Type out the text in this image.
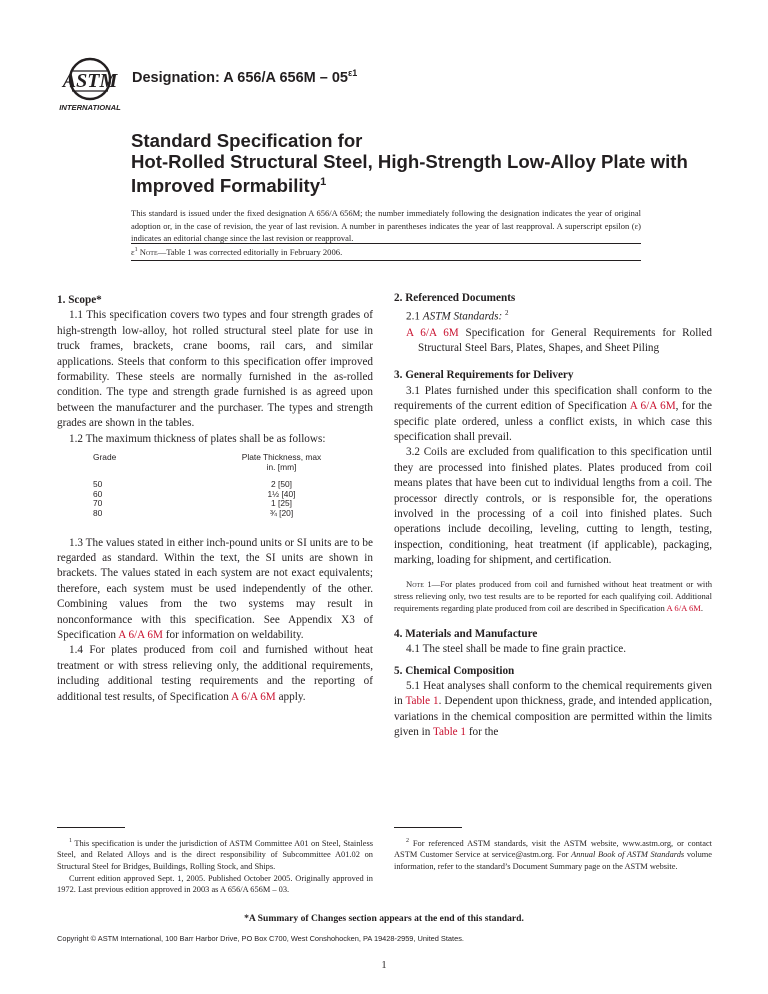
ASTM
INTERNATIONAL
Designation: A 656/A $656M - 05^{\varepsilon 1}$
Standard Specification for
Hot-Rolled Structural Steel, High-Strength Low-Alloy Plate with Improved Formability$^1$

This standard is issued under the fixed designation A 656/A 656M; the number immediately following the designation indicates the year of original adoption or, in the case of revision, the year of last revision. A number in parentheses indicates the year of last reapproval. A superscript epsilon (ε) indicates an editorial change since the last revision or reapproval.

$\varepsilon^1$ Note—Table 1 was corrected editorially in February 2006.
1. Scope*

1.1 This specification covers two types and four strength grades of high-strength low-alloy, hot rolled structural steel plate for use in truck frames, brackets, crane booms, rail cars, and similar applications. Steels that conform to this specification offer improved formability. These steels are normally furnished in the as-rolled condition. The type and strength grade furnished is as agreed upon between the manufacturer and the purchaser. The types and strength grades are shown in the tables.

1.2 The maximum thickness of plates shall be as follows:

Grade	Plate Thickness, max
in. [mm]

50	2 [50]
60	1½ [40]
70	1 [25]
80	¾ [20]

1.3 The values stated in either inch-pound units or SI units are to be regarded as standard. Within the text, the SI units are shown in brackets. The values stated in each system are not exact equivalents; therefore, each system must be used independently of the other. Combining values from the two systems may result in nonconformance with this specification. See Appendix X3 of Specification A 6/A 6M for information on weldability.

1.4 For plates produced from coil and furnished without heat treatment or with stress relieving only, the additional requirements, including additional testing requirements and the reporting of additional test results, of Specification A 6/A 6M apply.

2. Referenced Documents

2.1 ASTM Standards: $^2$

A 6/A 6M Specification for General Requirements for Rolled Structural Steel Bars, Plates, Shapes, and Sheet Piling

3. General Requirements for Delivery

3.1 Plates furnished under this specification shall conform to the requirements of the current edition of Specification A 6/A 6M, for the specific plate ordered, unless a conflict exists, in which case this specification shall prevail.

3.2 Coils are excluded from qualification to this specification until they are processed into finished plates. Plates produced from coil means plates that have been cut to individual lengths from a coil. The processor directly controls, or is responsible for, the operations involved in the processing of a coil into finished plates. Such operations include decoiling, leveling, cutting to length, testing, inspection, conditioning, heat treatment (if applicable), packaging, marking, loading for shipment, and certification.

Note 1—For plates produced from coil and furnished without heat treatment or with stress relieving only, two test results are to be reported for each qualifying coil. Additional requirements regarding plate produced from coil are described in Specification A 6/A 6M.

4. Materials and Manufacture

4.1 The steel shall be made to fine grain practice.

5. Chemical Composition

5.1 Heat analyses shall conform to the chemical requirements given in Table 1. Dependent upon thickness, grade, and intended application, variations in the chemical composition are permitted within the limits given in Table 1 for the

$^1$ This specification is under the jurisdiction of ASTM Committee A01 on Steel, Stainless Steel, and Related Alloys and is the direct responsibility of Subcommittee A01.02 on Structural Steel for Bridges, Buildings, Rolling Stock, and Ships.

Current edition approved Sept. 1, 2005. Published October 2005. Originally approved in 1972. Last previous edition approved in 2003 as A 656/A 656M – 03.

$^2$ For referenced ASTM standards, visit the ASTM website, www.astm.org, or contact ASTM Customer Service at service@astm.org. For Annual Book of ASTM Standards volume information, refer to the standard’s Document Summary page on the ASTM website.

*A Summary of Changes section appears at the end of this standard.
Copyright © ASTM International, 100 Barr Harbor Drive, PO Box C700, West Conshohocken, PA 19428-2959, United States.
1
